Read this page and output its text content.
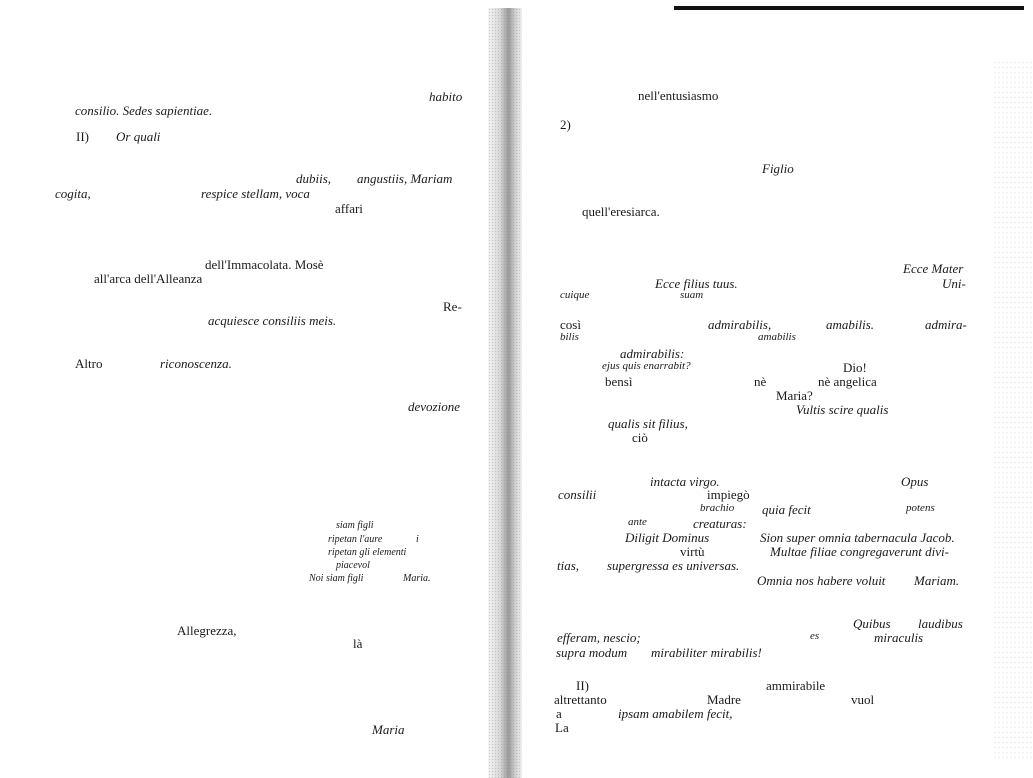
habito
consilio. Sedes sapientiae.
II) Or quali
dubiis, angustiis, Mariam
cogita,	respice stellam, voca
affari
dell'Immacolata. Mosè
all'arca dell'Alleanza
Re-
acquiesce consiliis meis.
Altro	riconoscenza.
devozione
siam figli
ripetan l'aure	i
ripetan gli elementi
piacevol
Noi siam figli	Maria.
Allegrezza,
là
Maria
nell'entusiasmo
2)
Figlio
quell'eresiarca.
Ecce Mater
Ecce filius tuus.	Uni-
cuique	suam
così	admirabilis,	amabilis.	admira-
bilis	amabilis
admirabilis:
ejus quis enarrabit?	Dio!
bensì	nè	nè angelica
Maria?
Vultis scire qualis
qualis sit filius,
ciò
intacta virgo.	Opus
consilii	impiegò
brachio quia fecit	potens
ante	creaturas:
Diligit Dominus	Sion super omnia tabernacula Jacob.
virtù	Multae filiae congregaverunt divi-
tias, supergressa es universas.
Omnia nos habere voluit Mariam.
Quibus laudibus
efferam, nescio;	es	miraculis
supra modum mirabiliter mirabilis!
II)	ammirabile
altrettanto	Madre	vuol
a	ipsam amabilem fecit,
La
